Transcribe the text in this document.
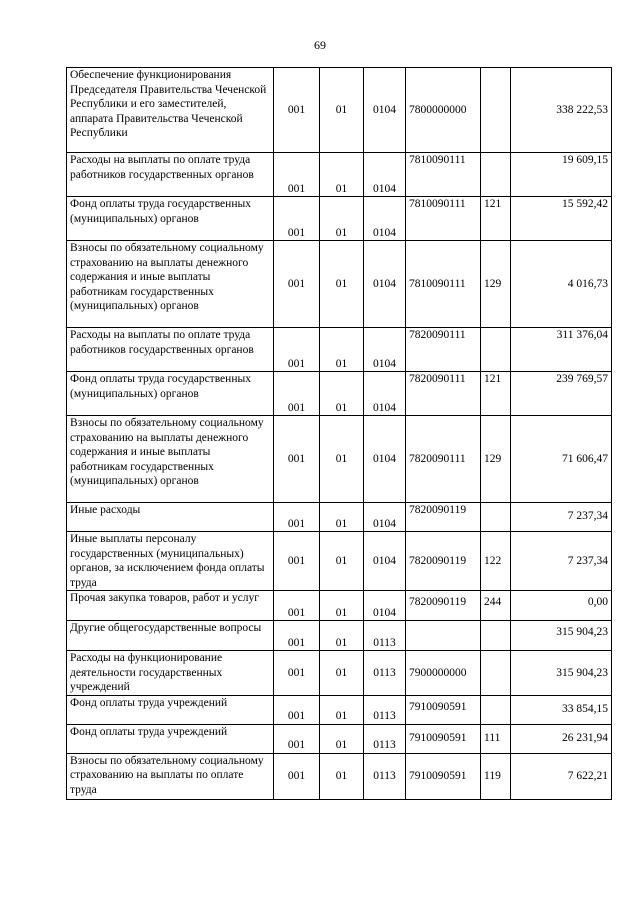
69
Обеспечение функционирования Председателя Правительства Чеченской Республики и его заместителей, аппарата Правительства Чеченской Республики	001	01	0104	7800000000		338 222,53
Расходы на выплаты по оплате труда работников государственных органов	001	01	0104	7810090111		19 609,15
Фонд оплаты труда государственных (муниципальных) органов	001	01	0104	7810090111	121	15 592,42
Взносы по обязательному социальному страхованию на выплаты денежного содержания и иные выплаты работникам государственных (муниципальных) органов	001	01	0104	7810090111	129	4 016,73
Расходы на выплаты по оплате труда работников государственных органов	001	01	0104	7820090111		311 376,04
Фонд оплаты труда государственных (муниципальных) органов	001	01	0104	7820090111	121	239 769,57
Взносы по обязательному социальному страхованию на выплаты денежного содержания и иные выплаты работникам государственных (муниципальных) органов	001	01	0104	7820090111	129	71 606,47
Иные расходы	001	01	0104	7820090119		7 237,34
Иные выплаты персоналу государственных (муниципальных) органов, за исключением фонда оплаты труда	001	01	0104	7820090119	122	7 237,34
Прочая закупка товаров, работ и услуг	001	01	0104	7820090119	244	0,00
Другие общегосударственные вопросы	001	01	0113			315 904,23
Расходы на функционирование деятельности государственных учреждений	001	01	0113	7900000000		315 904,23
Фонд оплаты труда учреждений	001	01	0113	7910090591		33 854,15
Фонд оплаты труда учреждений	001	01	0113	7910090591	111	26 231,94
Взносы по обязательному социальному страхованию на выплаты по оплате труда	001	01	0113	7910090591	119	7 622,21
